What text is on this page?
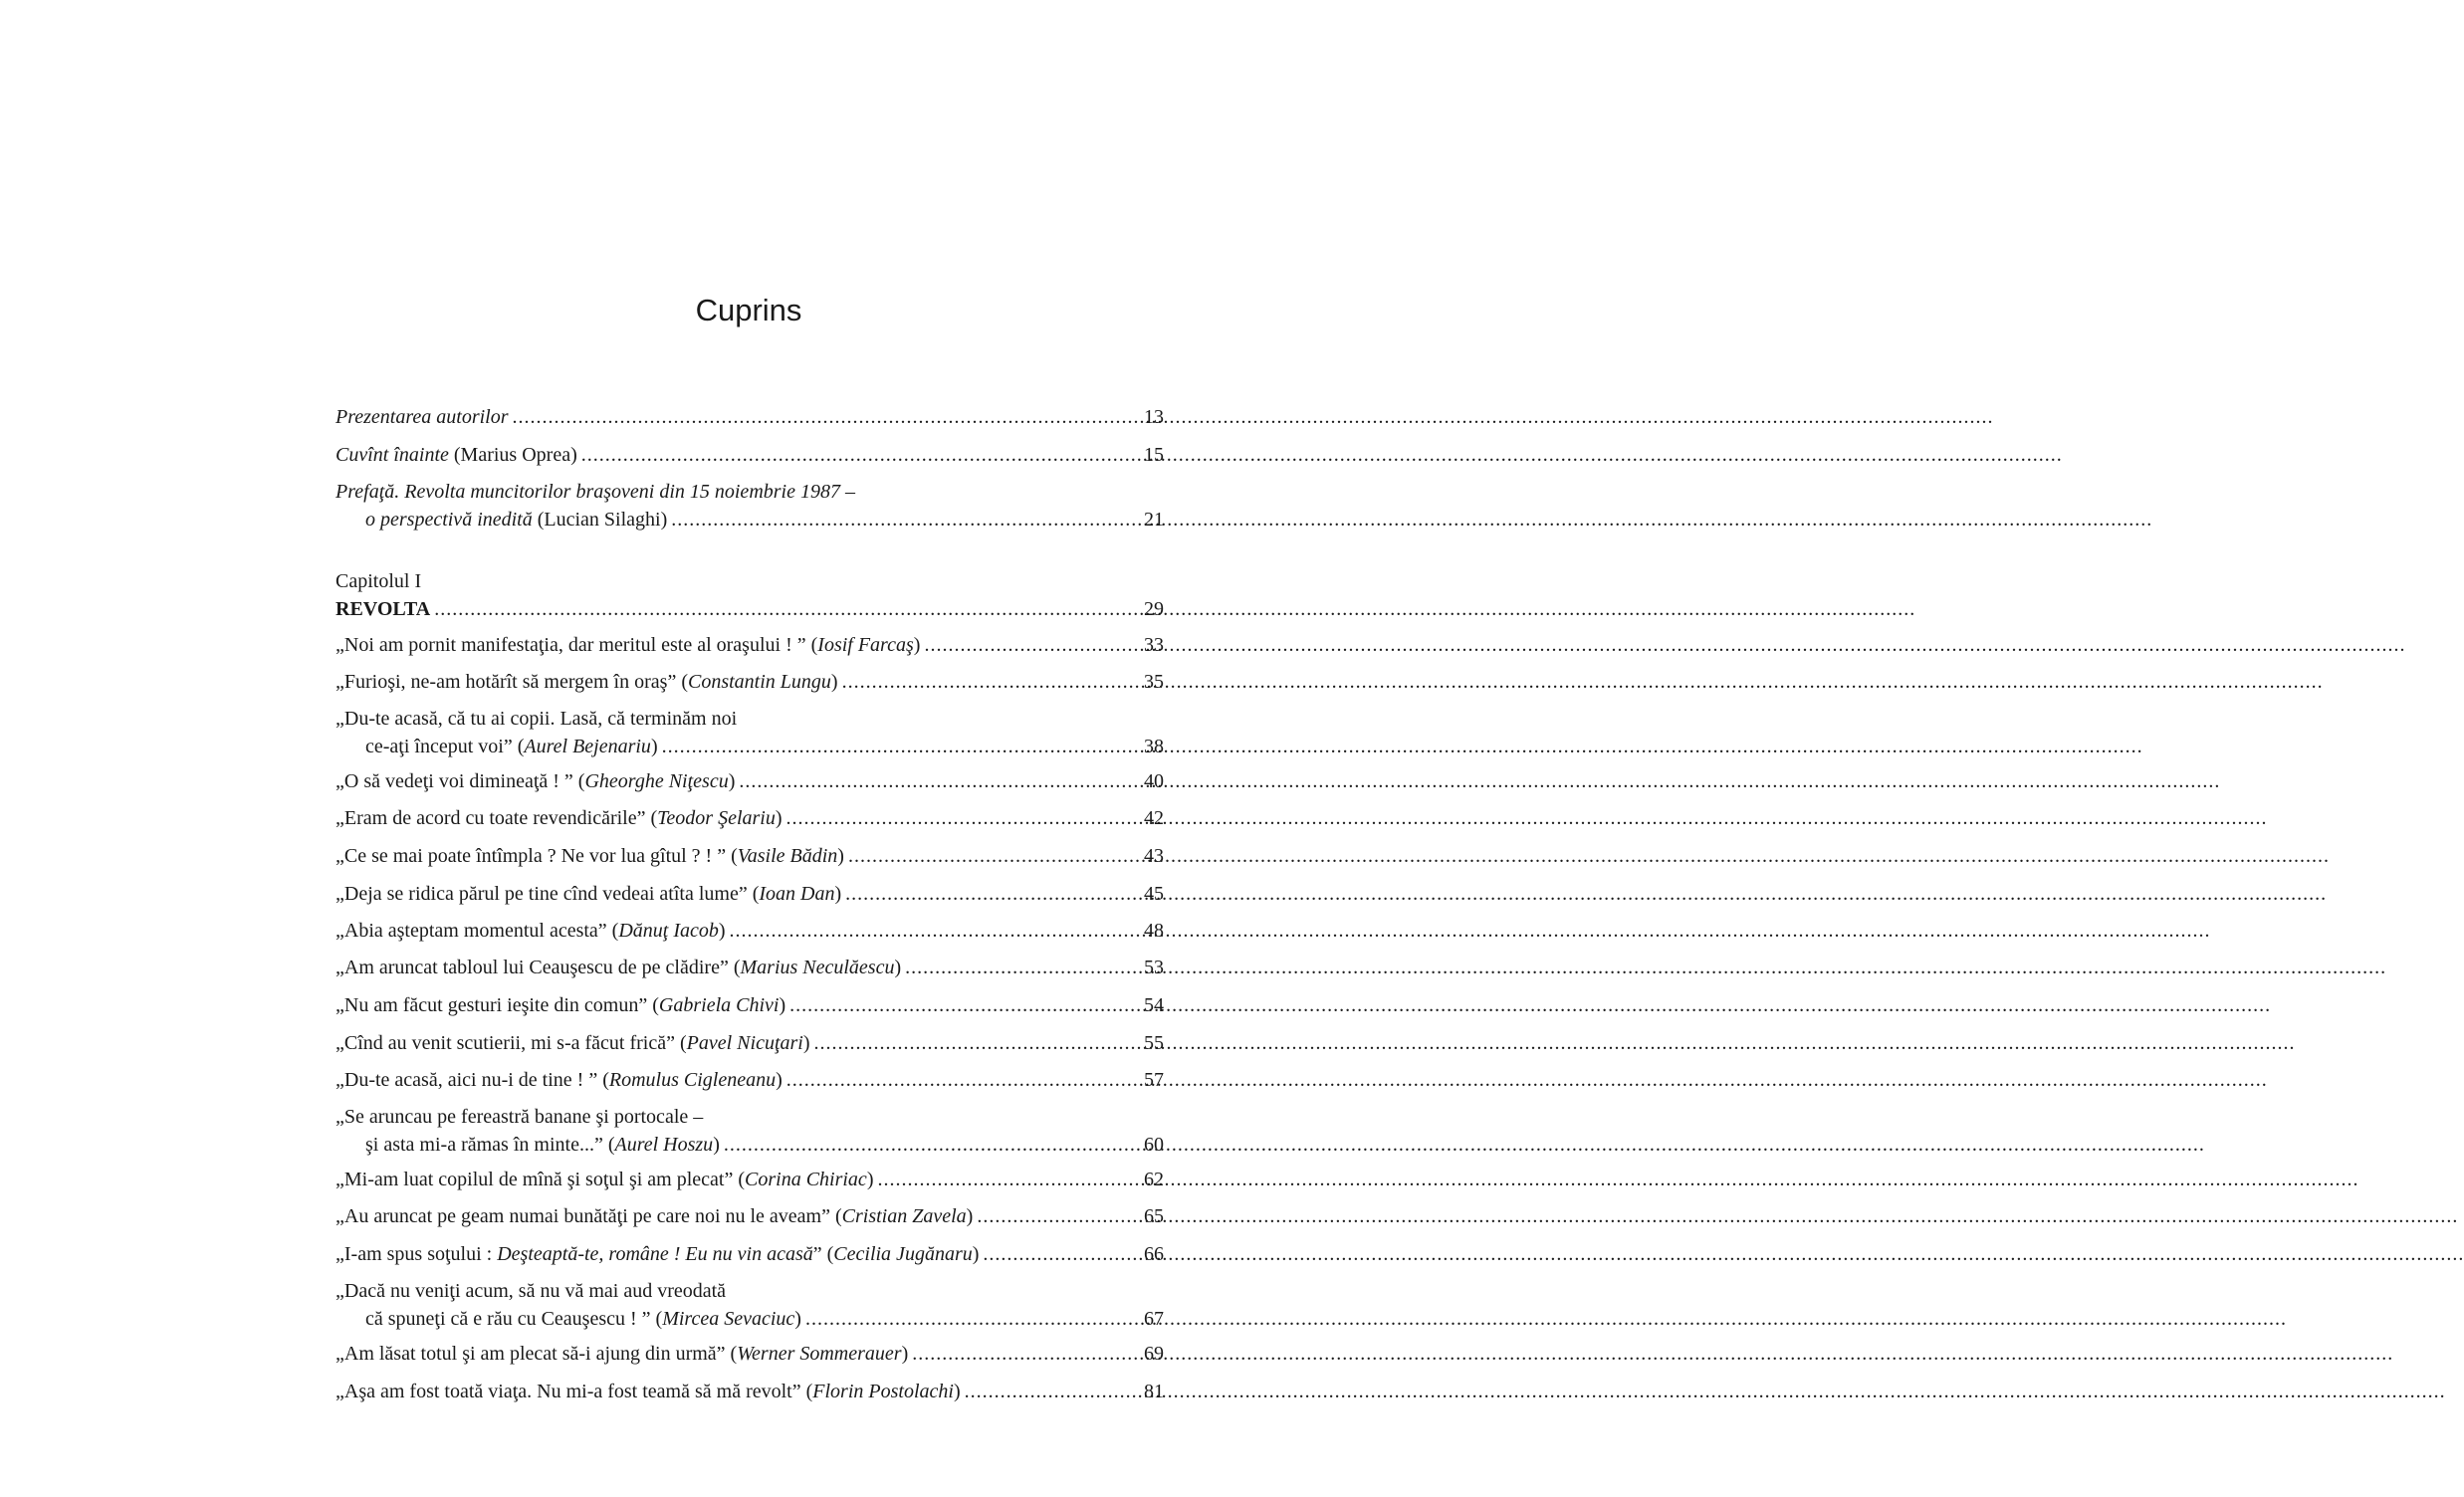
Cuprins
Prezentarea autorilor .....	13
Cuvînt înainte (Marius Oprea) .....	15
Prefaţă. Revolta muncitorilor braşoveni din 15 noiembrie 1987 –
o perspectivă inedită (Lucian Silaghi) .....	21
Capitolul I
REVOLTA .....	29
„Noi am pornit manifestaţia, dar meritul este al oraşului ! ” (Iosif Farcaş) .....	33
„Furioşi, ne-am hotărît să mergem în oraş” (Constantin Lungu) .....	35
„Du-te acasă, că tu ai copii. Lasă, că terminăm noi
ce-aţi început voi” (Aurel Bejenariu) .....	38
„O să vedeţi voi dimineaţă ! ” (Gheorghe Niţescu) .....	40
„Eram de acord cu toate revendicările” (Teodor Şelariu) .....	42
„Ce se mai poate întîmpla ? Ne vor lua gîtul ? ! ” (Vasile Bădin) .....	43
„Deja se ridica părul pe tine cînd vedeai atîta lume” (Ioan Dan) .....	45
„Abia aşteptam momentul acesta” (Dănuţ Iacob) .....	48
„Am aruncat tabloul lui Ceauşescu de pe clădire” (Marius Neculăescu) .....	53
„Nu am făcut gesturi ieşite din comun” (Gabriela Chivi) .....	54
„Cînd au venit scutierii, mi s-a făcut frică” (Pavel Nicuţari) .....	55
„Du-te acasă, aici nu-i de tine ! ” (Romulus Cigleneanu) .....	57
„Se aruncau pe fereastră banane şi portocale –
şi asta mi-a rămas în minte...” (Aurel Hoszu) .....	60
„Mi-am luat copilul de mînă şi soţul şi am plecat” (Corina Chiriac) .....	62
„Au aruncat pe geam numai bunătăţi pe care noi nu le aveam” (Cristian Zavela) .....	65
„I-am spus soţului : Deşteaptă-te, române ! Eu nu vin acasă” (Cecilia Jugănaru) .....	66
„Dacă nu veniţi acum, să nu vă mai aud vreodată
că spuneţi că e rău cu Ceauşescu ! ” (Mircea Sevaciuc) .....	67
„Am lăsat totul şi am plecat să-i ajung din urmă” (Werner Sommerauer) .....	69
„Aşa am fost toată viaţa. Nu mi-a fost teamă să mă revolt” (Florin Postolachi) .....	81
